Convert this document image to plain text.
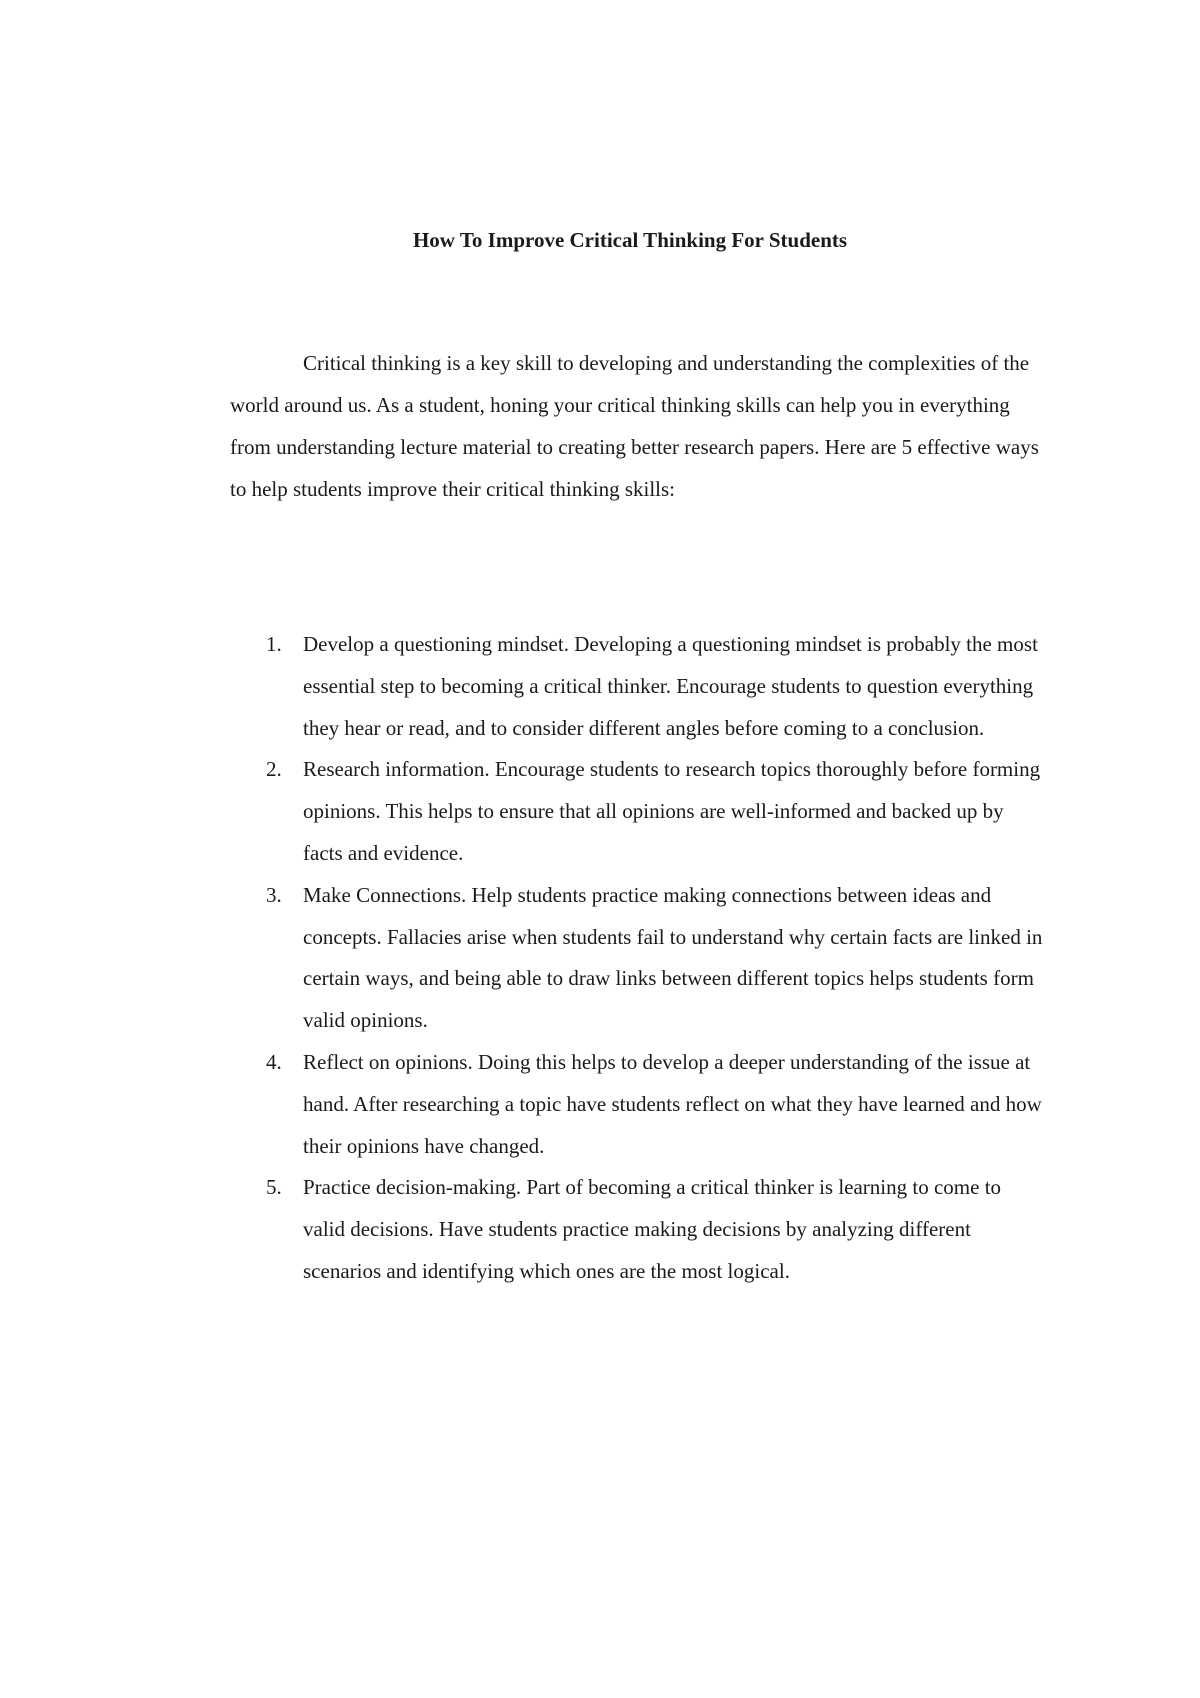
How To Improve Critical Thinking For Students

Critical thinking is a key skill to developing and understanding the complexities of the world around us. As a student, honing your critical thinking skills can help you in everything from understanding lecture material to creating better research papers. Here are 5 effective ways to help students improve their critical thinking skills:

1. Develop a questioning mindset. Developing a questioning mindset is probably the most essential step to becoming a critical thinker. Encourage students to question everything they hear or read, and to consider different angles before coming to a conclusion.
2. Research information. Encourage students to research topics thoroughly before forming opinions. This helps to ensure that all opinions are well-informed and backed up by facts and evidence.
3. Make Connections. Help students practice making connections between ideas and concepts. Fallacies arise when students fail to understand why certain facts are linked in certain ways, and being able to draw links between different topics helps students form valid opinions.
4. Reflect on opinions. Doing this helps to develop a deeper understanding of the issue at hand. After researching a topic have students reflect on what they have learned and how their opinions have changed.
5. Practice decision-making. Part of becoming a critical thinker is learning to come to valid decisions. Have students practice making decisions by analyzing different scenarios and identifying which ones are the most logical.
